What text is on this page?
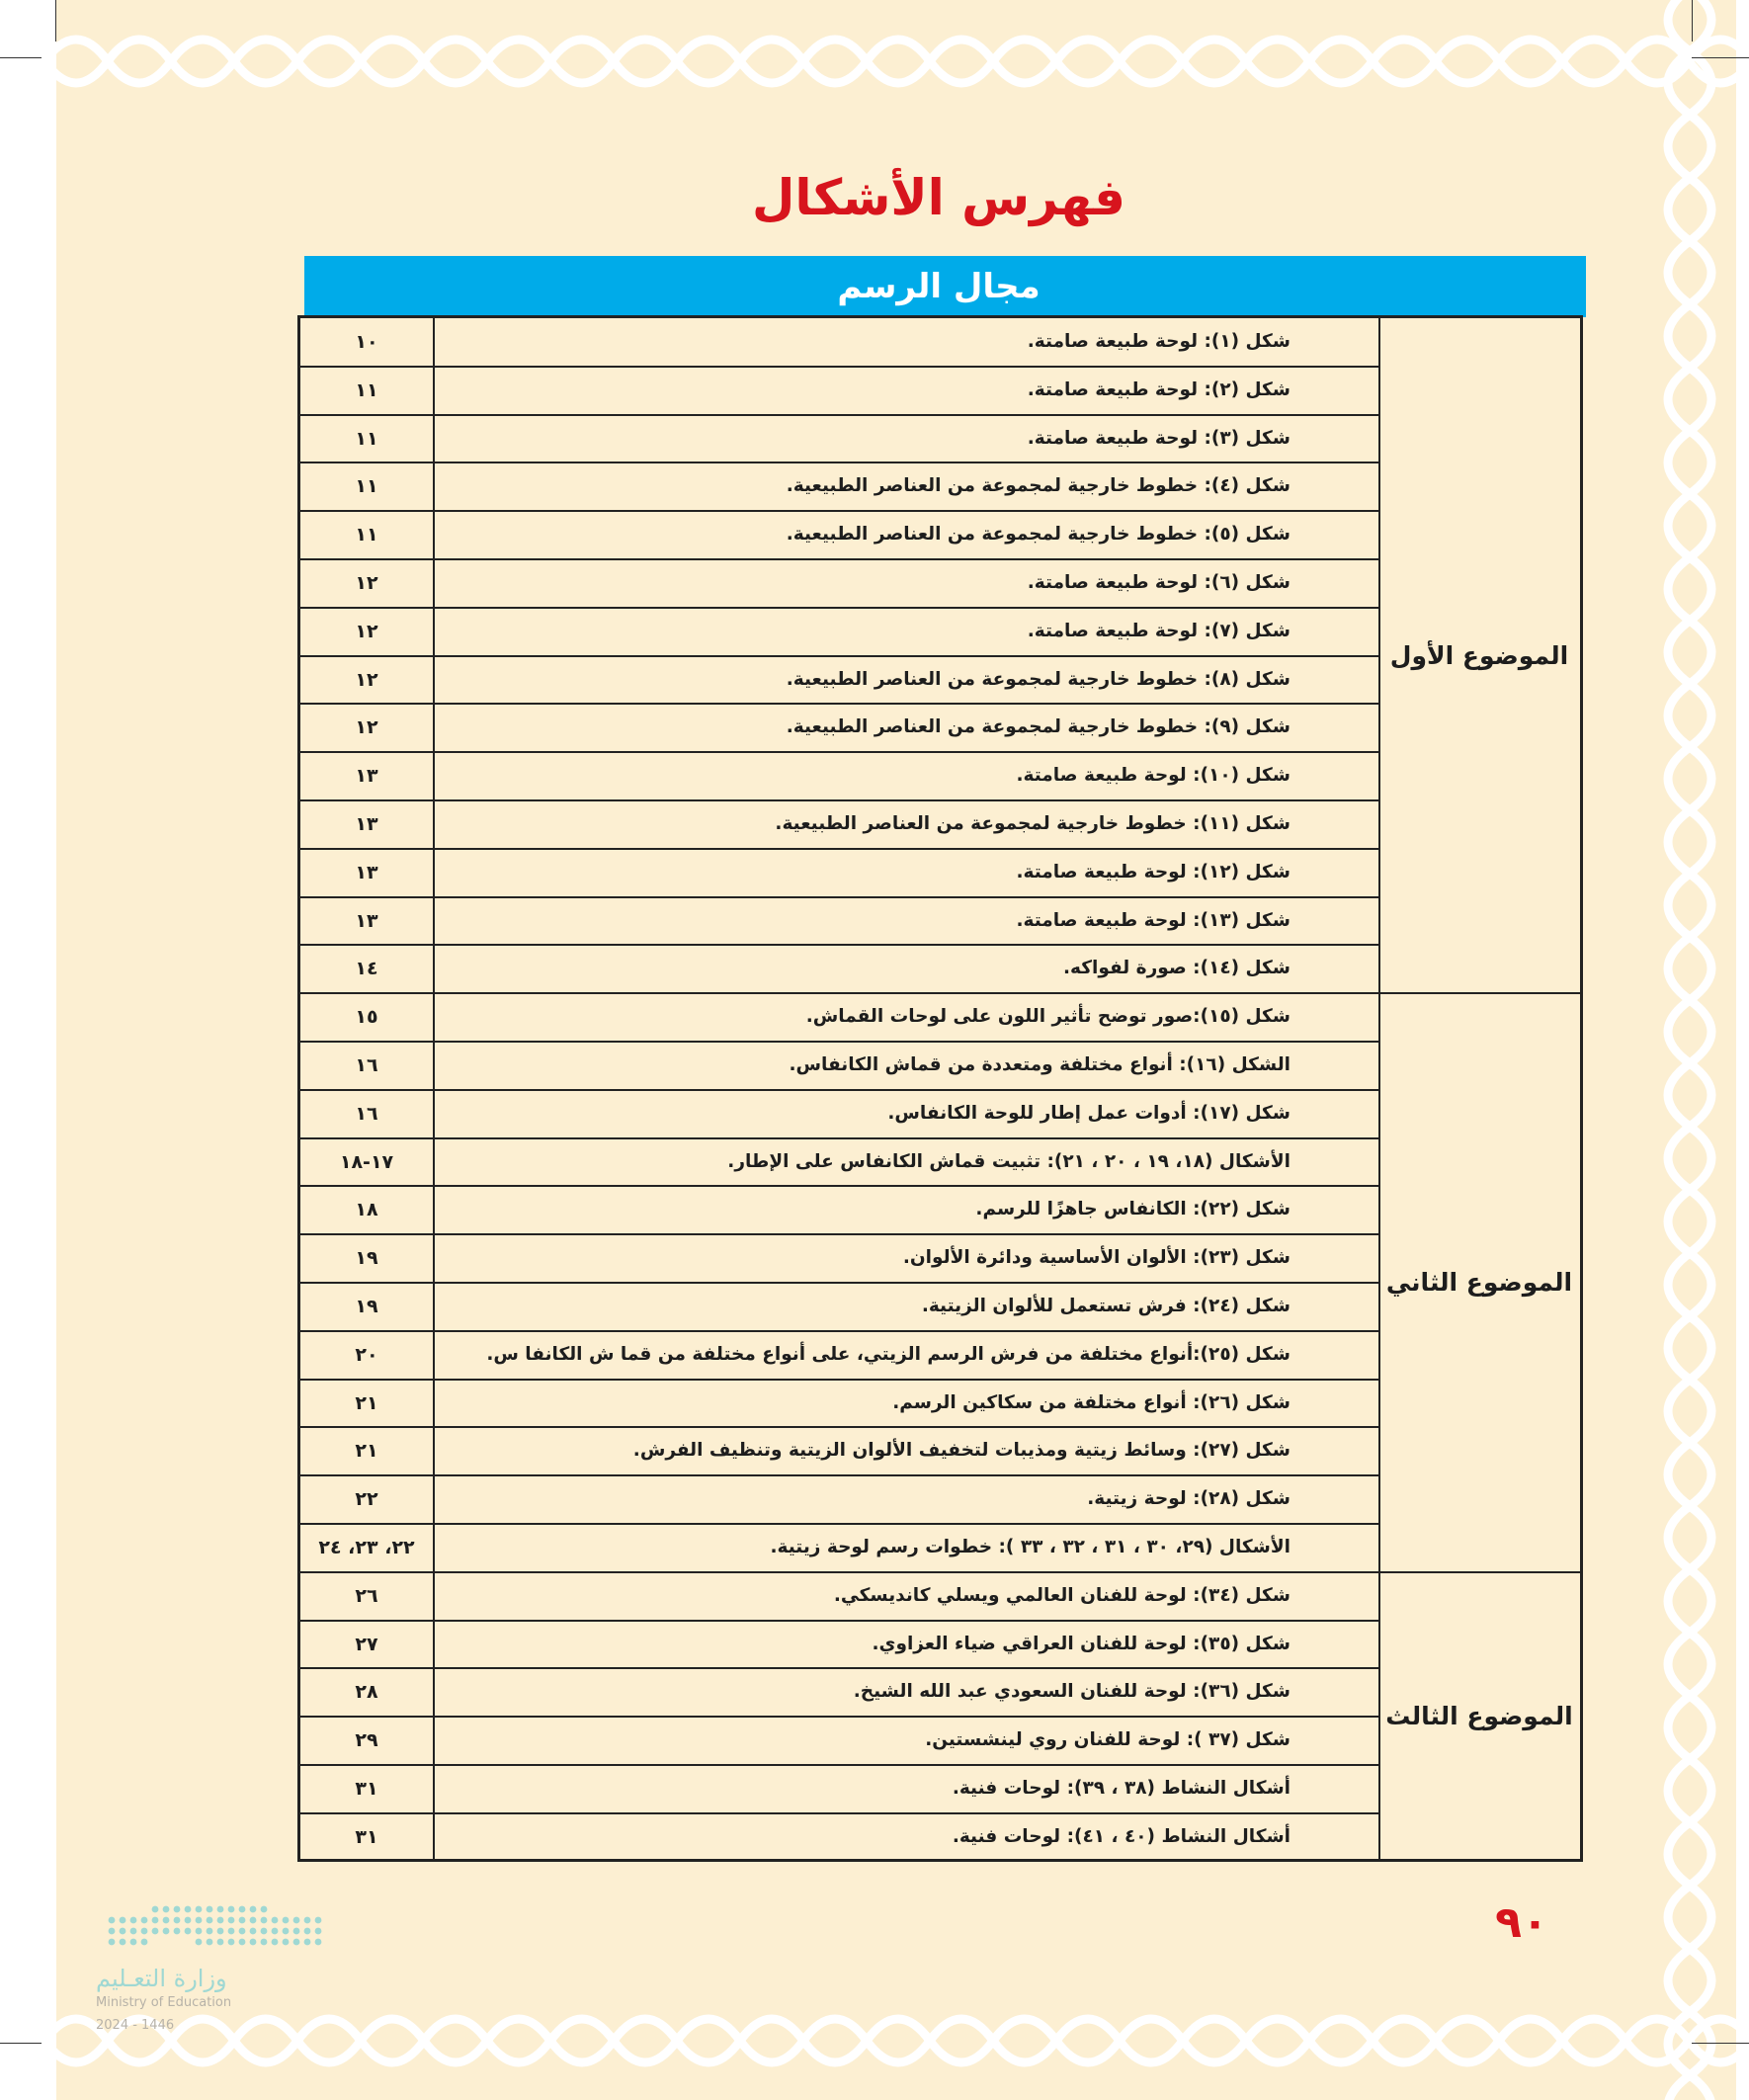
فهرس الأشكال
مجال الرسم
شكل (١): لوحة طبيعة صامتة.
١٠
شكل (٢): لوحة طبيعة صامتة.
١١
شكل (٣): لوحة طبيعة صامتة.
١١
شكل (٤): خطوط خارجية لمجموعة من العناصر الطبيعية.
١١
شكل (٥): خطوط خارجية لمجموعة من العناصر الطبيعية.
١١
شكل (٦): لوحة طبيعة صامتة.
١٢
شكل (٧): لوحة طبيعة صامتة.
١٢
شكل (٨): خطوط خارجية لمجموعة من العناصر الطبيعية.
١٢
شكل (٩): خطوط خارجية لمجموعة من العناصر الطبيعية.
١٢
شكل (١٠): لوحة طبيعة صامتة.
١٣
شكل (١١): خطوط خارجية لمجموعة من العناصر الطبيعية.
١٣
شكل (١٢): لوحة طبيعة صامتة.
١٣
شكل (١٣): لوحة طبيعة صامتة.
١٣
شكل (١٤): صورة لفواكه.
١٤
الموضوع الأول
شكل (١٥):صور توضح تأثير اللون على لوحات القماش.
١٥
الشكل (١٦): أنواع مختلفة ومتعددة من قماش الكانفاس.
١٦
شكل (١٧): أدوات عمل إطار للوحة الكانفاس.
١٦
الأشكال (١٨، ١٩ ، ٢٠ ، ٢١): تثبيت قماش الكانفاس على الإطار.
١٧-١٨
شكل (٢٢): الكانفاس جاهزًا للرسم.
١٨
شكل (٢٣): الألوان الأساسية ودائرة الألوان.
١٩
شكل (٢٤): فرش تستعمل للألوان الزيتية.
١٩
شكل (٢٥):أنواع مختلفة من فرش الرسم الزيتي، على أنواع مختلفة من قما ش الكانفا س.
٢٠
شكل (٢٦): أنواع مختلفة من سكاكين الرسم.
٢١
شكل (٢٧): وسائط زيتية ومذيبات لتخفيف الألوان الزيتية وتنظيف الفرش.
٢١
شكل (٢٨): لوحة زيتية.
٢٢
الأشكال (٢٩، ٣٠ ، ٣١ ، ٣٢ ، ٣٣ ): خطوات رسم لوحة زيتية.
٢٢، ٢٣، ٢٤
الموضوع الثاني
شكل (٣٤): لوحة للفنان العالمي ويسلي كانديسكي.
٢٦
شكل (٣٥): لوحة للفنان العراقي ضياء العزاوي.
٢٧
شكل (٣٦): لوحة للفنان السعودي عبد الله الشيخ.
٢٨
شكل (٣٧ ): لوحة للفنان روي لينشستين.
٢٩
أشكال النشاط (٣٨ ، ٣٩): لوحات فنية.
٣١
أشكال النشاط (٤٠ ، ٤١): لوحات فنية.
٣١
الموضوع الثالث
٩٠
وزارة التعـليم
Ministry of Education
2024 - 1446
